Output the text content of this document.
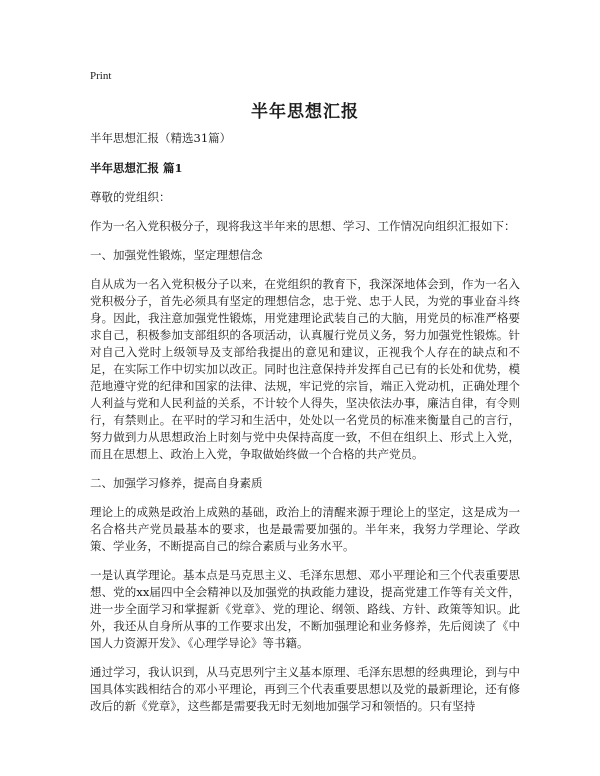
Print
半年思想汇报

半年思想汇报（精选31篇）

半年思想汇报 篇1

尊敬的党组织：

作为一名入党积极分子，现将我这半年来的思想、学习、工作情况向组织汇报如下：

一、加强党性锻炼，坚定理想信念

自从成为一名入党积极分子以来，在党组织的教育下，我深深地体会到，作为一名入党积极分子，首先必须具有坚定的理想信念，忠于党、忠于人民，为党的事业奋斗终身。因此，我注意加强党性锻炼，用党建理论武装自己的大脑，用党员的标准严格要求自己，积极参加支部组织的各项活动，认真履行党员义务，努力加强党性锻炼。针对自己入党时上级领导及支部给我提出的意见和建议，正视我个人存在的缺点和不足，在实际工作中切实加以改正。同时也注意保持并发挥自己已有的长处和优势，模范地遵守党的纪律和国家的法律、法规，牢记党的宗旨，端正入党动机，正确处理个人利益与党和人民利益的关系，不计较个人得失，坚决依法办事，廉洁自律，有令则行，有禁则止。在平时的学习和生活中，处处以一名党员的标准来衡量自己的言行，努力做到力从思想政治上时刻与党中央保持高度一致，不但在组织上、形式上入党，而且在思想上、政治上入党，争取做始终做一个合格的共产党员。

二、加强学习修养，提高自身素质

理论上的成熟是政治上成熟的基础，政治上的清醒来源于理论上的坚定，这是成为一名合格共产党员最基本的要求，也是最需要加强的。半年来，我努力学理论、学政策、学业务，不断提高自己的综合素质与业务水平。

一是认真学理论。基本点是马克思主义、毛泽东思想、邓小平理论和三个代表重要思想、党的xx届四中全会精神以及加强党的执政能力建设，提高党建工作等有关文件，进一步全面学习和掌握新《党章》、党的理论、纲领、路线、方针、政策等知识。此外，我还从自身所从事的工作要求出发，不断加强理论和业务修养，先后阅读了《中国人力资源开发》、《心理学导论》等书籍。

通过学习，我认识到，从马克思列宁主义基本原理、毛泽东思想的经典理论，到与中国具体实践相结合的邓小平理论，再到三个代表重要思想以及党的最新理论，还有修改后的新《党章》，这些都是需要我无时无刻地加强学习和领悟的。只有坚持
